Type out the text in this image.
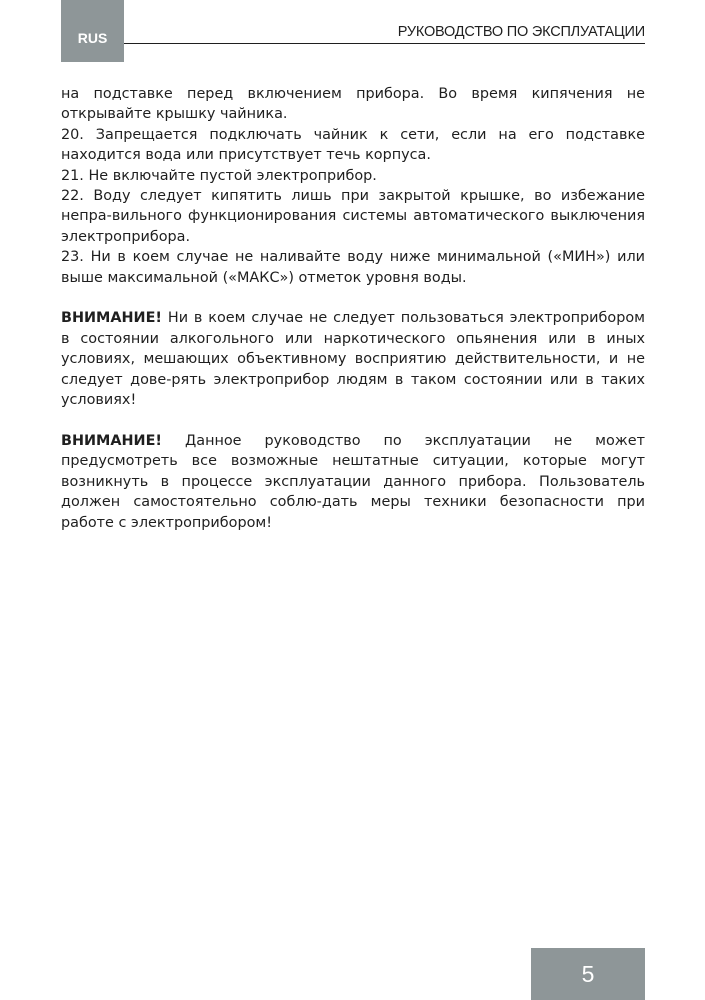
RUS	РУКОВОДСТВО ПО ЭКСПЛУАТАЦИИ

на подставке перед включением прибора. Во время кипячения не открывайте крышку чайника.

20. Запрещается подключать чайник к сети, если на его подставке находится вода или присутствует течь корпуса.

21. Не включайте пустой электроприбор.

22. Воду следует кипятить лишь при закрытой крышке, во избежание непра-вильного функционирования системы автоматического выключения электроприбора.

23. Ни в коем случае не наливайте воду ниже минимальной («МИН») или выше максимальной («МАКС») отметок уровня воды.

ВНИМАНИЕ! Ни в коем случае не следует пользоваться электроприбором в состоянии алкогольного или наркотического опьянения или в иных условиях, мешающих объективному восприятию действительности, и не следует дове-рять электроприбор людям в таком состоянии или в таких условиях!

ВНИМАНИЕ! Данное руководство по эксплуатации не может предусмотреть все возможные нештатные ситуации, которые могут возникнуть в процессе эксплуатации данного прибора. Пользователь должен самостоятельно соблю-дать меры техники безопасности при работе с электроприбором!

5
